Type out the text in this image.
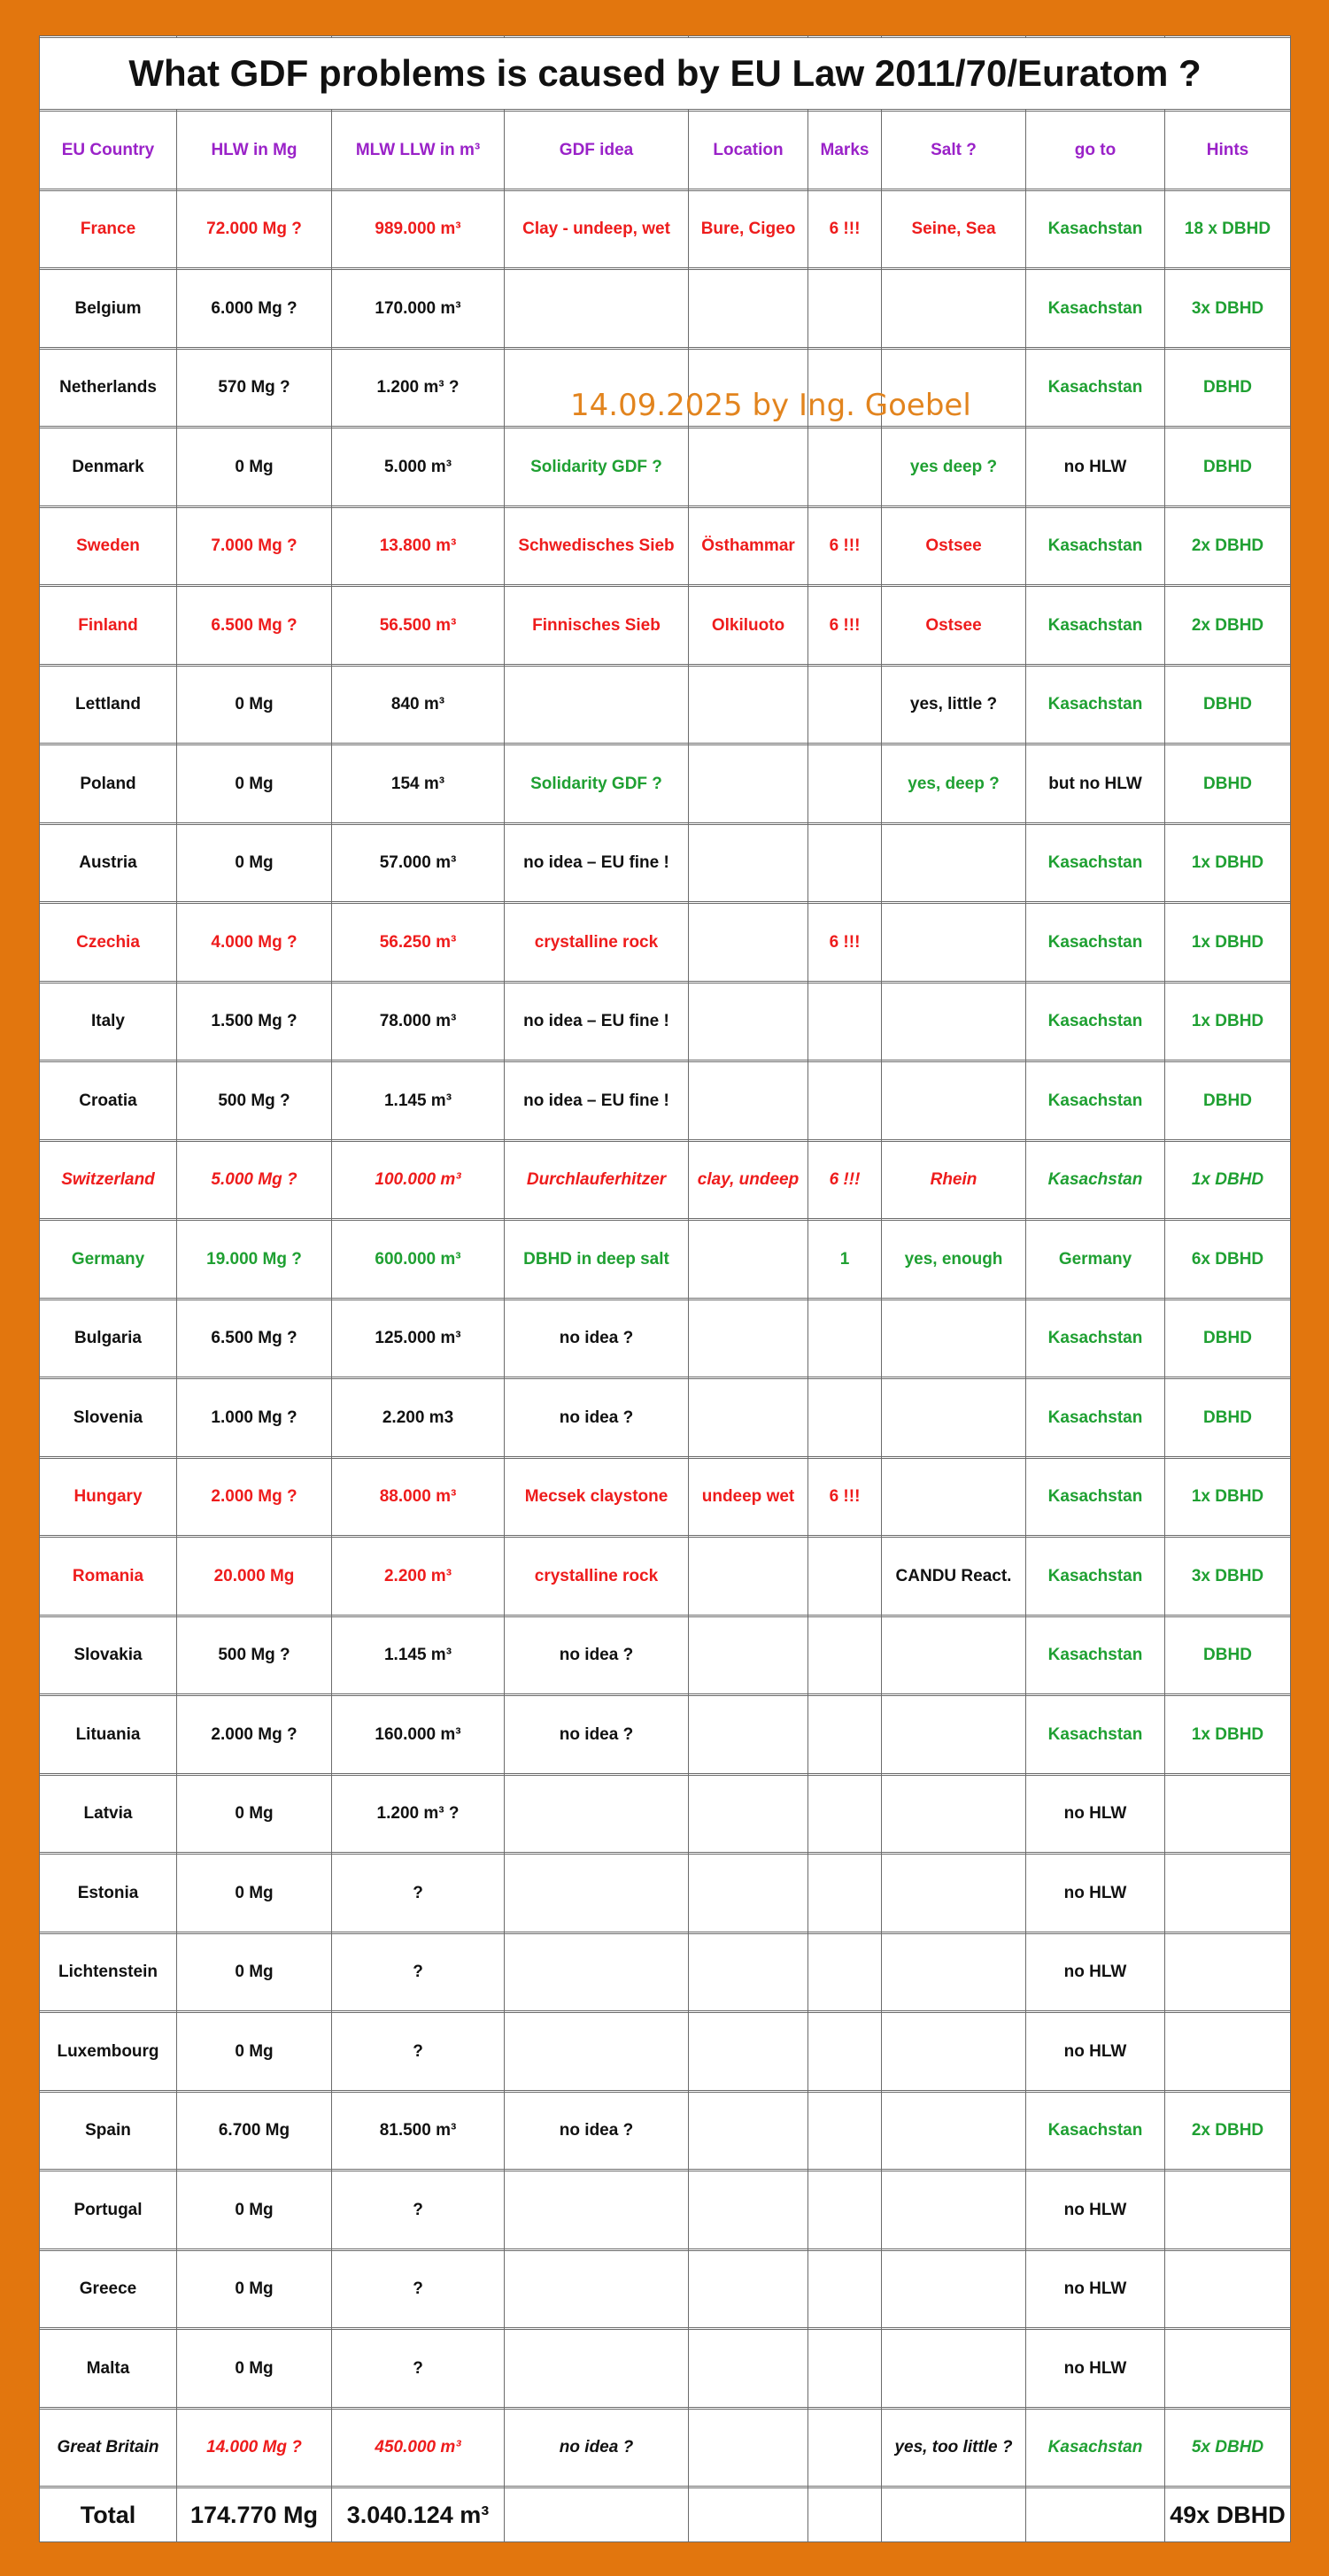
What GDF problems is caused by EU Law 2011/70/Euratom ?								

EU Country	HLW in Mg	MLW LLW in m³	GDF idea	Location	Marks	Salt ?	go to	Hints

France	72.000 Mg ?	989.000 m³	Clay - undeep, wet	Bure, Cigeo	6 !!!	Seine, Sea	Kasachstan	18 x DBHD

Belgium	6.000 Mg ?	170.000 m³					Kasachstan	3x DBHD

Netherlands	570 Mg ?	1.200 m³ ?					Kasachstan	DBHD

Denmark	0 Mg	5.000 m³	Solidarity GDF ?			yes deep ?	no HLW	DBHD

Sweden	7.000 Mg ?	13.800 m³	Schwedisches Sieb	Östhammar	6 !!!	Ostsee	Kasachstan	2x DBHD

Finland	6.500 Mg ?	56.500 m³	Finnisches Sieb	Olkiluoto	6 !!!	Ostsee	Kasachstan	2x DBHD

Lettland	0 Mg	840 m³				yes, little ?	Kasachstan	DBHD

Poland	0 Mg	154 m³	Solidarity GDF ?			yes, deep ?	but no HLW	DBHD

Austria	0 Mg	57.000 m³	no idea – EU fine !				Kasachstan	1x DBHD

Czechia	4.000 Mg ?	56.250 m³	crystalline rock		6 !!!		Kasachstan	1x DBHD

Italy	1.500 Mg ?	78.000 m³	no idea – EU fine !				Kasachstan	1x DBHD

Croatia	500 Mg ?	1.145 m³	no idea – EU fine !				Kasachstan	DBHD

Switzerland	5.000 Mg ?	100.000 m³	Durchlauferhitzer	clay, undeep	6 !!!	Rhein	Kasachstan	1x DBHD

Germany	19.000 Mg ?	600.000 m³	DBHD in deep salt		1	yes, enough	Germany	6x DBHD

Bulgaria	6.500 Mg ?	125.000 m³	no idea ?				Kasachstan	DBHD

Slovenia	1.000 Mg ?	2.200 m3	no idea ?				Kasachstan	DBHD

Hungary	2.000 Mg ?	88.000 m³	Mecsek claystone	undeep wet	6 !!!		Kasachstan	1x DBHD

Romania	20.000 Mg	2.200 m³	crystalline rock			CANDU React.	Kasachstan	3x DBHD

Slovakia	500 Mg ?	1.145 m³	no idea ?				Kasachstan	DBHD

Lituania	2.000 Mg ?	160.000 m³	no idea ?				Kasachstan	1x DBHD

Latvia	0 Mg	1.200 m³ ?					no HLW	

Estonia	0 Mg	?					no HLW	

Lichtenstein	0 Mg	?					no HLW	

Luxembourg	0 Mg	?					no HLW	

Spain	6.700 Mg	81.500 m³	no idea ?				Kasachstan	2x DBHD

Portugal	0 Mg	?					no HLW	

Greece	0 Mg	?					no HLW	

Malta	0 Mg	?					no HLW	

Great Britain	14.000 Mg ?	450.000 m³	no idea ?			yes, too little ?	Kasachstan	5x DBHD

Total	174.770 Mg	3.040.124 m³						49x DBHD
14.09.2025 by Ing. Goebel
